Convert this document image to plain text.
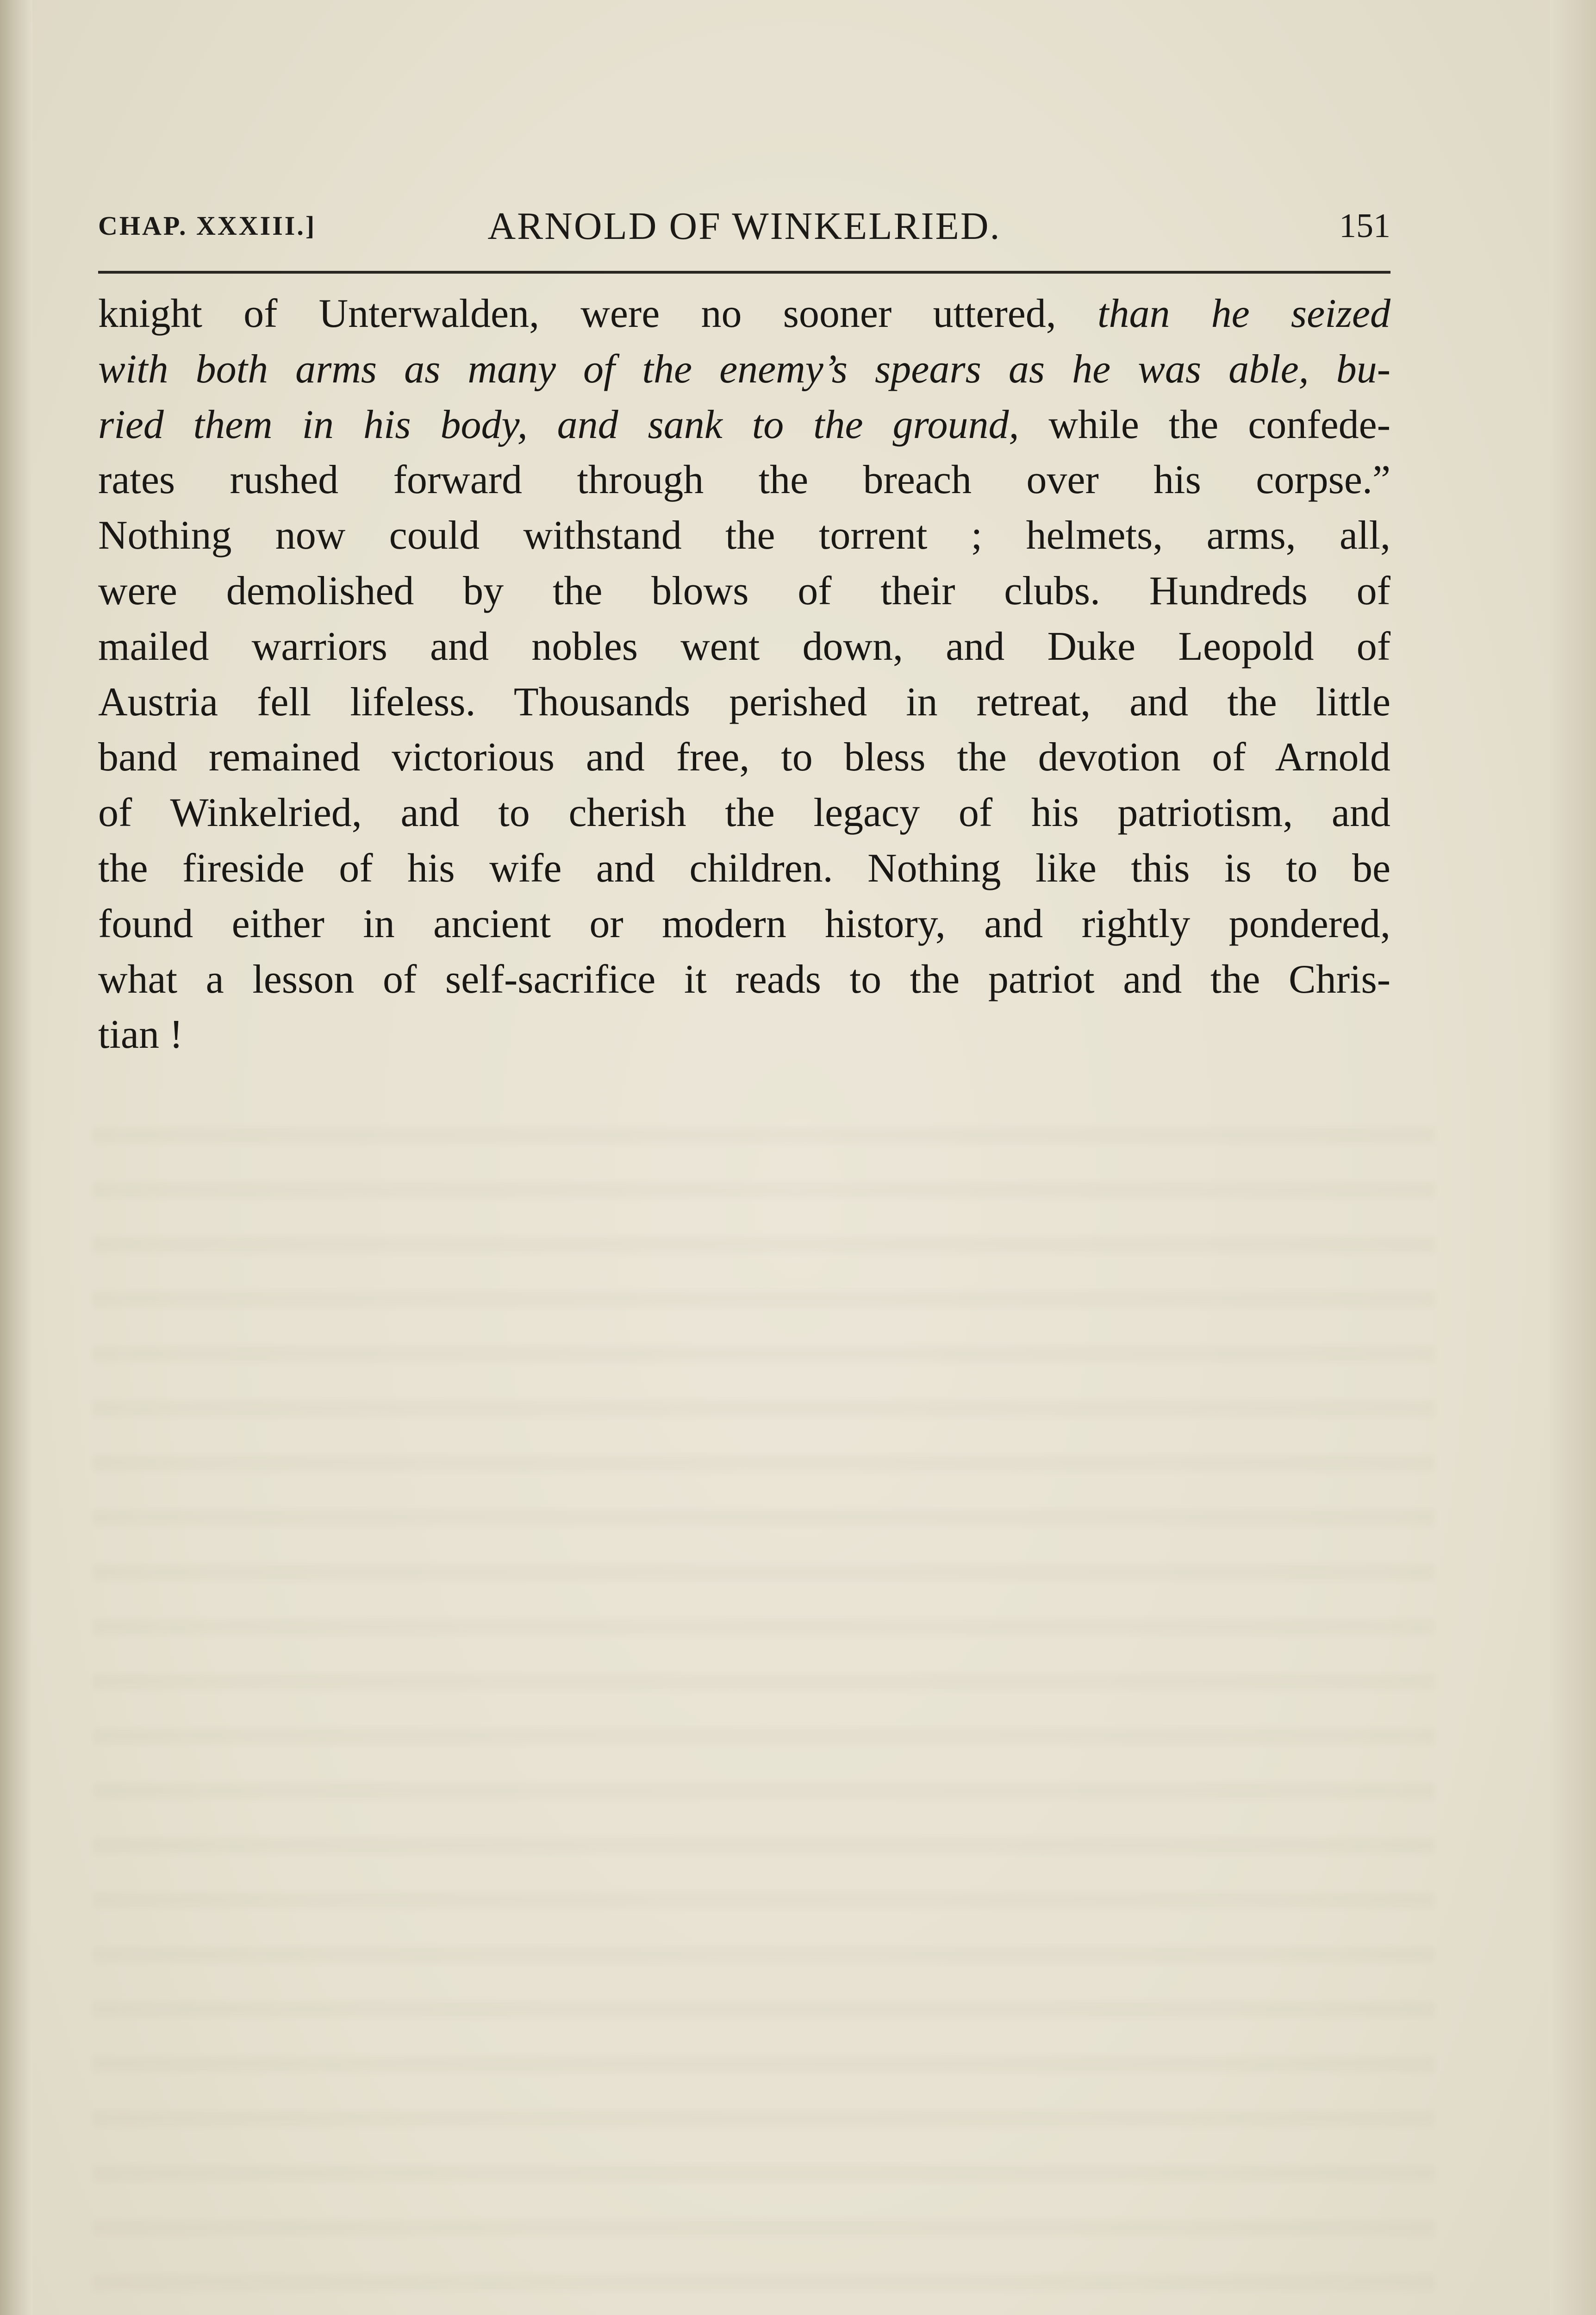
CHAP. XXXIII.]	ARNOLD OF WINKELRIED.	151
knight of Unterwalden, were no sooner uttered, than he seized
with both arms as many of the enemy’s spears as he was able, bu-
ried them in his body, and sank to the ground, while the confede-
rates rushed forward through the breach over his corpse.”
Nothing now could withstand the torrent ; helmets, arms, all,
were demolished by the blows of their clubs. Hundreds of
mailed warriors and nobles went down, and Duke Leopold of
Austria fell lifeless. Thousands perished in retreat, and the little
band remained victorious and free, to bless the devotion of Arnold
of Winkelried, and to cherish the legacy of his patriotism, and
the fireside of his wife and children. Nothing like this is to be
found either in ancient or modern history, and rightly pondered,
what a lesson of self-sacrifice it reads to the patriot and the Chris-
tian !
